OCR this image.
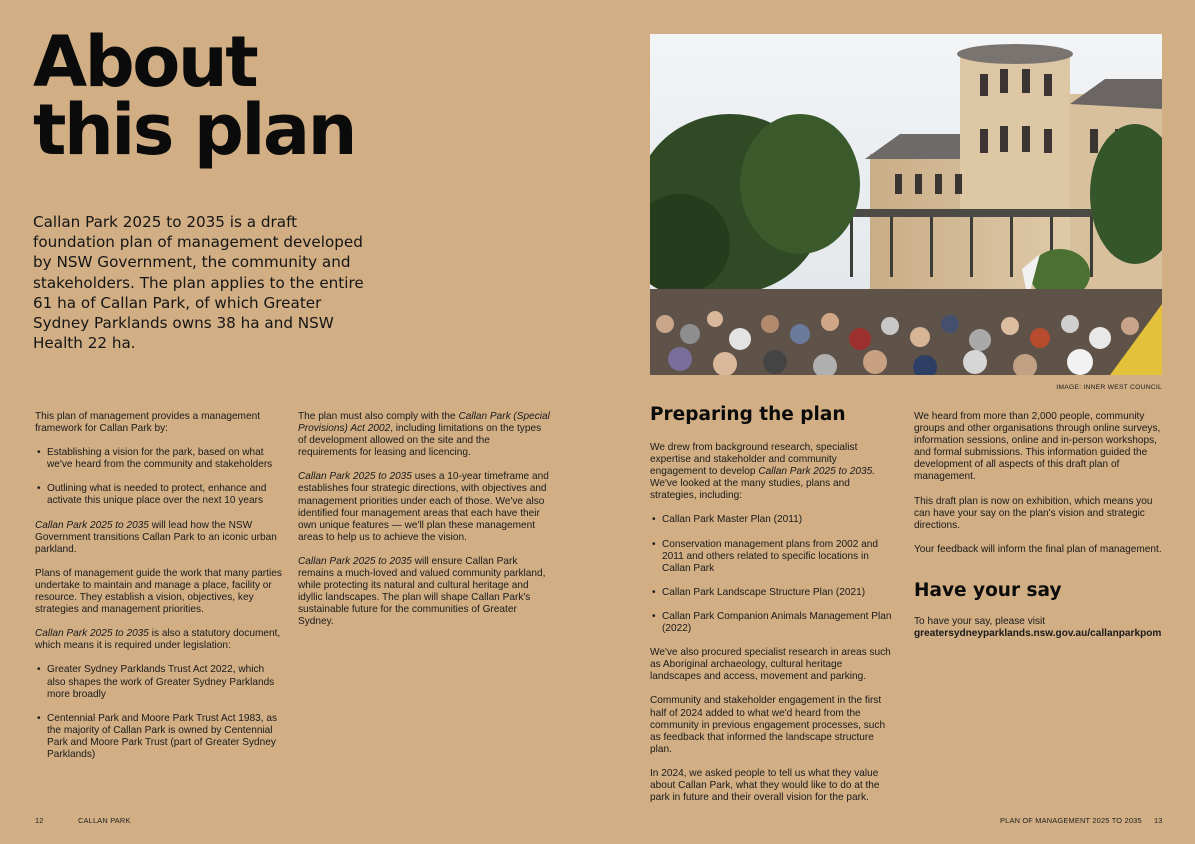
About
this plan

Callan Park 2025 to 2035 is a draft foundation plan of management developed by NSW Government, the community and stakeholders. The plan applies to the entire 61 ha of Callan Park, of which Greater Sydney Parklands owns 38 ha and NSW Health 22 ha.

This plan of management provides a management framework for Callan Park by:

• Establishing a vision for the park, based on what we've heard from the community and stakeholders
• Outlining what is needed to protect, enhance and activate this unique place over the next 10 years

Callan Park 2025 to 2035 will lead how the NSW Government transitions Callan Park to an iconic urban parkland.

Plans of management guide the work that many parties undertake to maintain and manage a place, facility or resource. They establish a vision, objectives, key strategies and management priorities.

Callan Park 2025 to 2035 is also a statutory document, which means it is required under legislation:

• Greater Sydney Parklands Trust Act 2022, which also shapes the work of Greater Sydney Parklands more broadly
• Centennial Park and Moore Park Trust Act 1983, as the majority of Callan Park is owned by Centennial Park and Moore Park Trust (part of Greater Sydney Parklands)

The plan must also comply with the Callan Park (Special Provisions) Act 2002, including limitations on the types of development allowed on the site and the requirements for leasing and licencing.

Callan Park 2025 to 2035 uses a 10-year timeframe and establishes four strategic directions, with objectives and management priorities under each of those. We've also identified four management areas that each have their own unique features — we'll plan these management areas to help us to achieve the vision.

Callan Park 2025 to 2035 will ensure Callan Park remains a much-loved and valued community parkland, while protecting its natural and cultural heritage and idyllic landscapes. The plan will shape Callan Park's sustainable future for the communities of Greater Sydney.

IMAGE: INNER WEST COUNCIL
Preparing the plan

We drew from background research, specialist expertise and stakeholder and community engagement to develop Callan Park 2025 to 2035. We've looked at the many studies, plans and strategies, including:

• Callan Park Master Plan (2011)
• Conservation management plans from 2002 and 2011 and others related to specific locations in Callan Park
• Callan Park Landscape Structure Plan (2021)
• Callan Park Companion Animals Management Plan (2022)

We've also procured specialist research in areas such as Aboriginal archaeology, cultural heritage landscapes and access, movement and parking.

Community and stakeholder engagement in the first half of 2024 added to what we'd heard from the community in previous engagement processes, such as feedback that informed the landscape structure plan.

In 2024, we asked people to tell us what they value about Callan Park, what they would like to do at the park in future and their overall vision for the park.

We heard from more than 2,000 people, community groups and other organisations through online surveys, information sessions, online and in-person workshops, and formal submissions. This information guided the development of all aspects of this draft plan of management.

This draft plan is now on exhibition, which means you can have your say on the plan's vision and strategic directions.

Your feedback will inform the final plan of management.

Have your say

To have your say, please visit
greatersydneyparklands.nsw.gov.au/callanparkpom

12	CALLAN PARK	PLAN OF MANAGEMENT 2025 TO 2035 13
